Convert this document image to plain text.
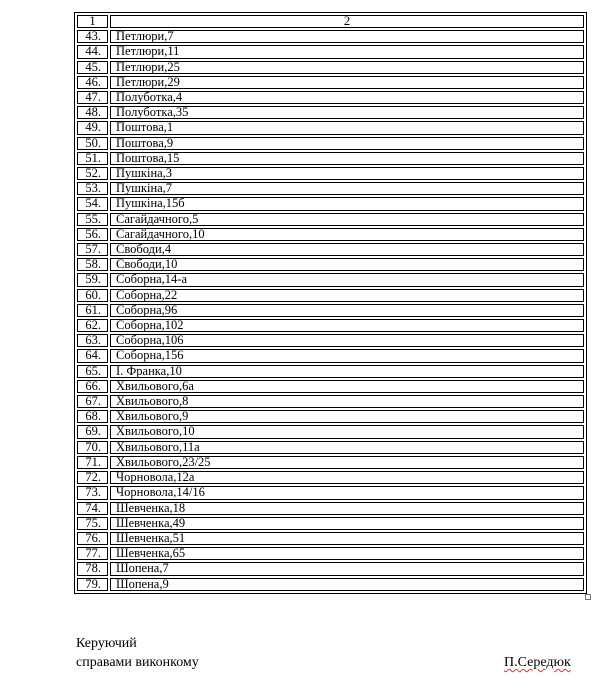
1	2
43.	Петлюри,7
44.	Петлюри,11
45.	Петлюри,25
46.	Петлюри,29
47.	Полуботка,4
48.	Полуботка,35
49.	Поштова,1
50.	Поштова,9
51.	Поштова,15
52.	Пушкіна,3
53.	Пушкіна,7
54.	Пушкіна,15б
55.	Сагайдачного,5
56.	Сагайдачного,10
57.	Свободи,4
58.	Свободи,10
59.	Соборна,14-а
60.	Соборна,22
61.	Соборна,96
62.	Соборна,102
63.	Соборна,106
64.	Соборна,156
65.	І. Франка,10
66.	Хвильового,6а
67.	Хвильового,8
68.	Хвильового,9
69.	Хвильового,10
70.	Хвильового,11а
71.	Хвильового,23/25
72.	Чорновола,12а
73.	Чорновола,14/16
74.	Шевченка,18
75.	Шевченка,49
76.	Шевченка,51
77.	Шевченка,65
78.	Шопена,7
79.	Шопена,9
Керуючий
справами виконкому	П.Середюк
